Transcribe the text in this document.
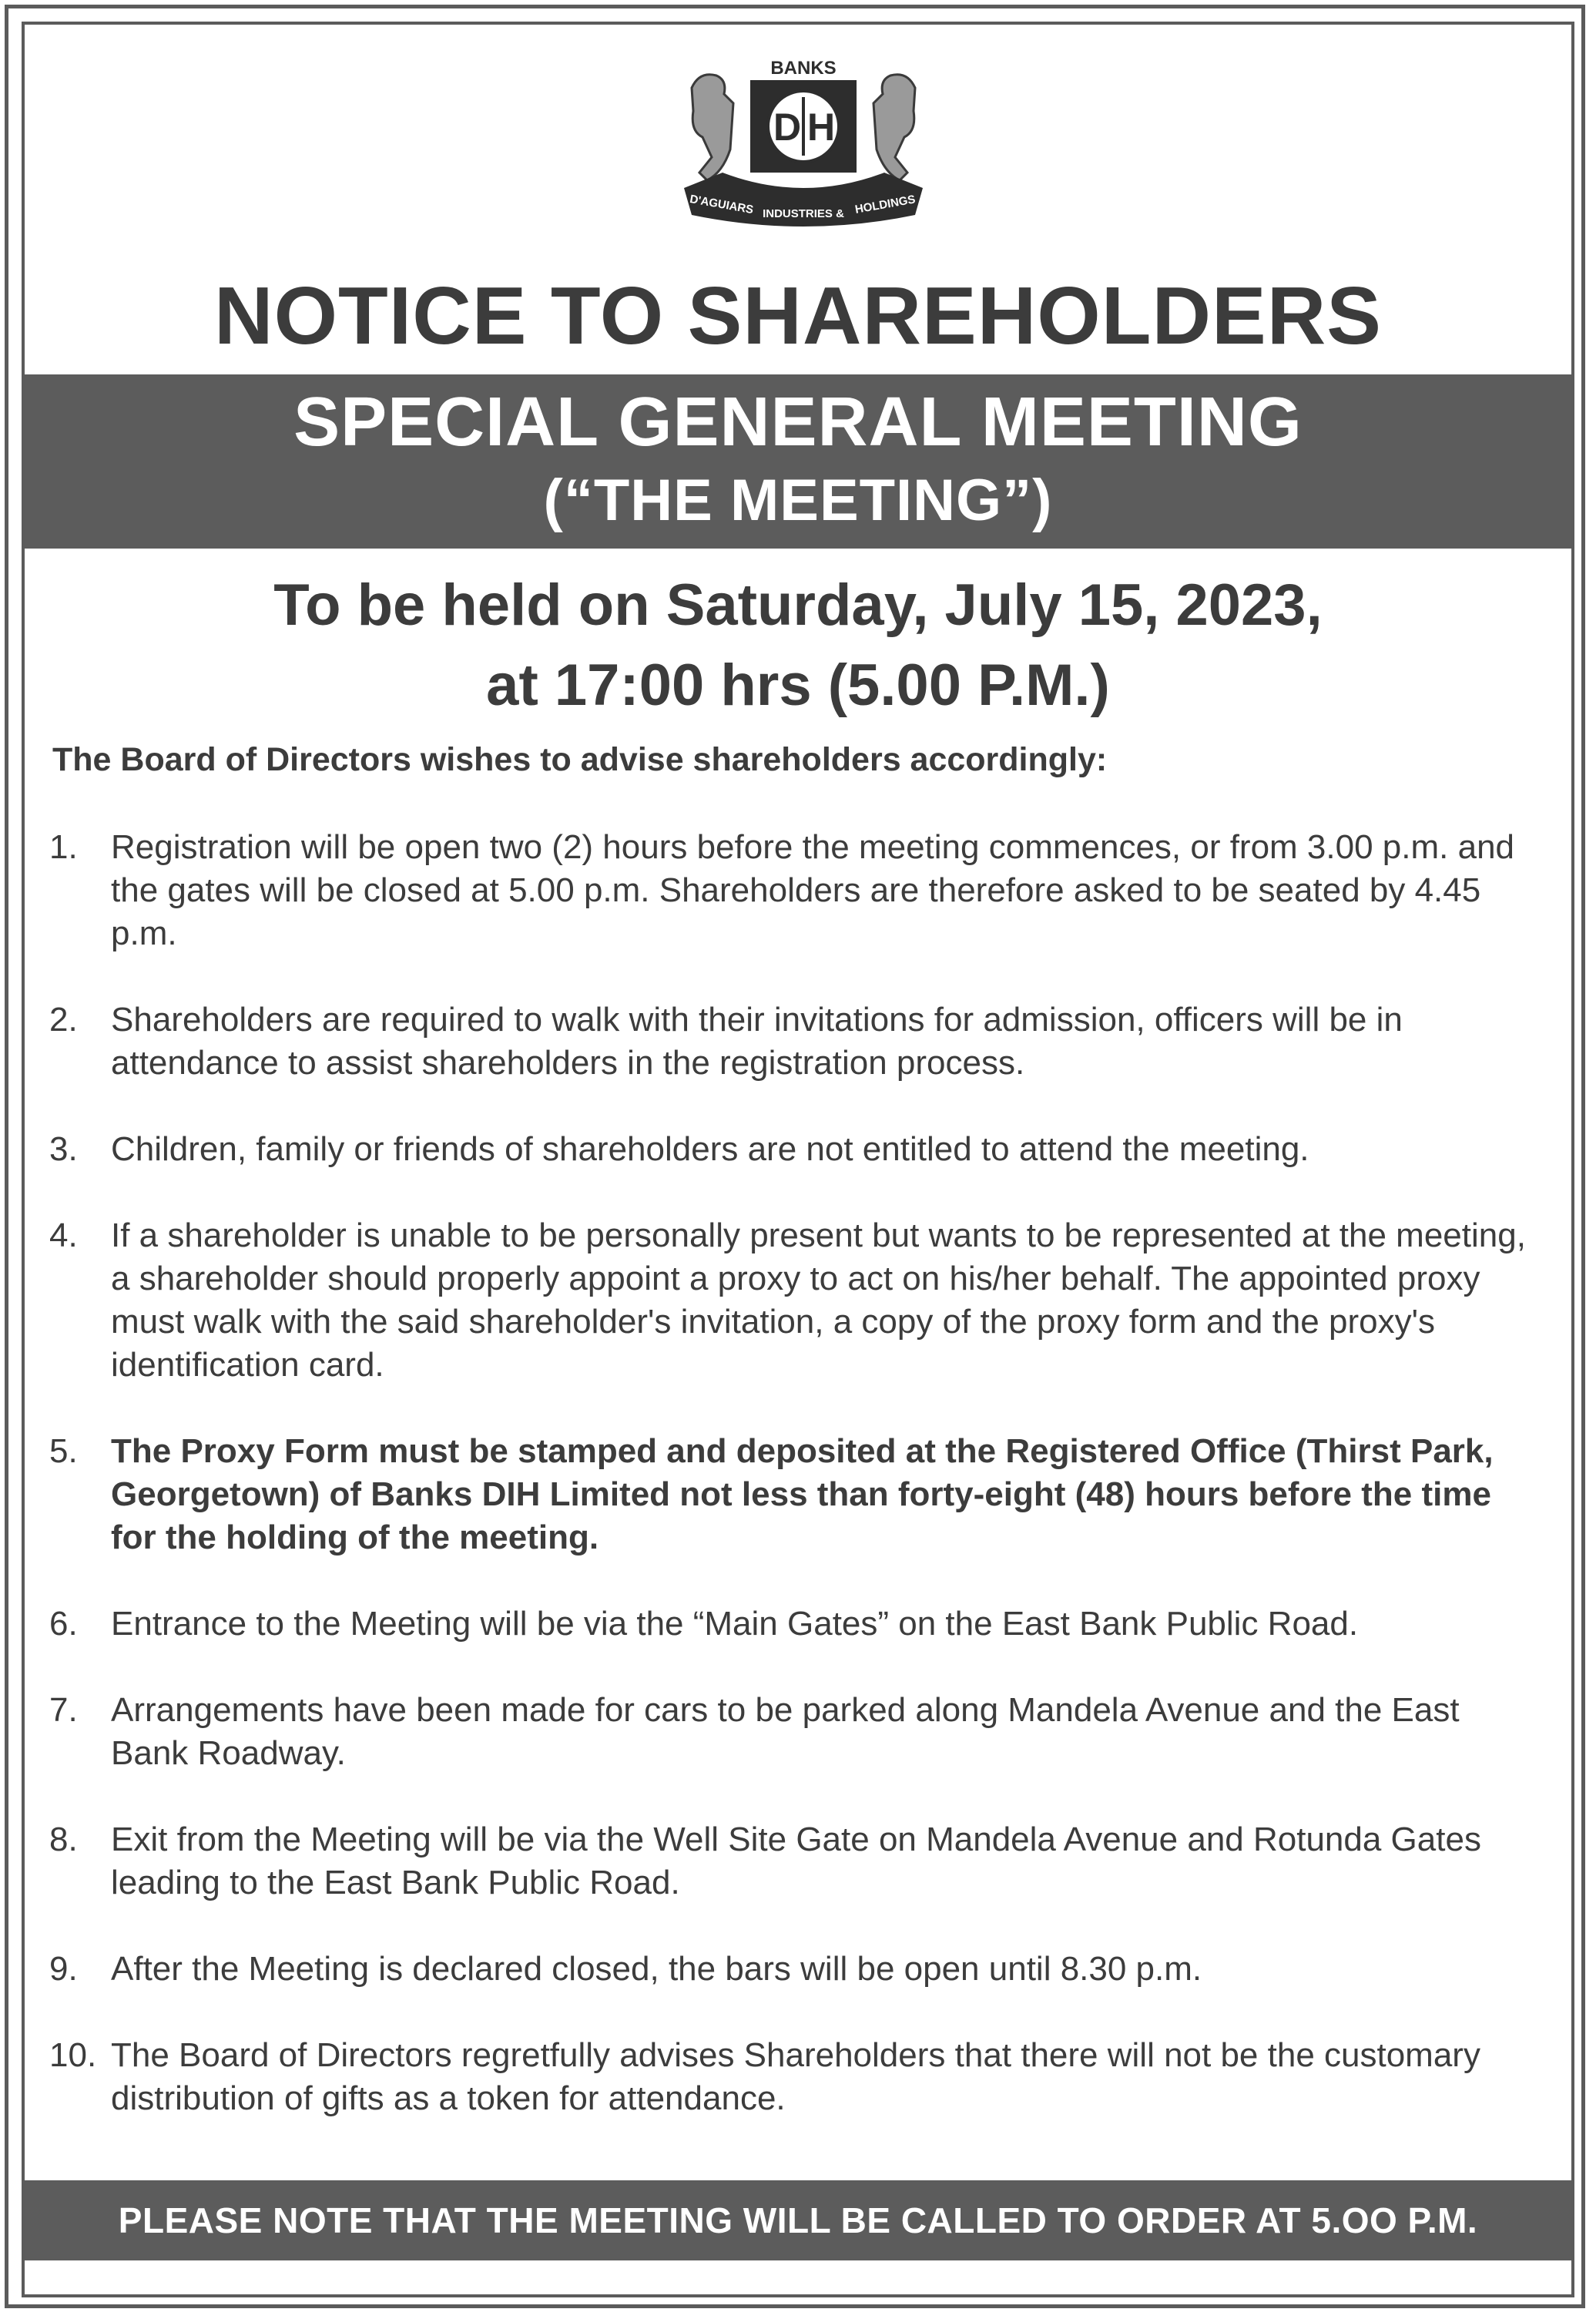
D H
BANKS
D'AGUIARS INDUSTRIES & HOLDINGS
NOTICE TO SHAREHOLDERS
SPECIAL GENERAL MEETING
(“THE MEETING”)
To be held on Saturday, July 15, 2023,
at 17:00 hrs (5.00 P.M.)
The Board of Directors wishes to advise shareholders accordingly:
1. Registration will be open two (2) hours before the meeting commences, or from 3.00 p.m. and the gates will be closed at 5.00 p.m. Shareholders are therefore asked to be seated by 4.45 p.m.
2. Shareholders are required to walk with their invitations for admission, officers will be in attendance to assist shareholders in the registration process.
3. Children, family or friends of shareholders are not entitled to attend the meeting.
4. If a shareholder is unable to be personally present but wants to be represented at the meeting, a shareholder should properly appoint a proxy to act on his/her behalf. The appointed proxy must walk with the said shareholder's invitation, a copy of the proxy form and the proxy's identification card.
5. The Proxy Form must be stamped and deposited at the Registered Office (Thirst Park, Georgetown) of Banks DIH Limited not less than forty-eight (48) hours before the time for the holding of the meeting.
6. Entrance to the Meeting will be via the “Main Gates” on the East Bank Public Road.
7. Arrangements have been made for cars to be parked along Mandela Avenue and the East Bank Roadway.
8. Exit from the Meeting will be via the Well Site Gate on Mandela Avenue and Rotunda Gates leading to the East Bank Public Road.
9. After the Meeting is declared closed, the bars will be open until 8.30 p.m.
10. The Board of Directors regretfully advises Shareholders that there will not be the customary distribution of gifts as a token for attendance.
PLEASE NOTE THAT THE MEETING WILL BE CALLED TO ORDER AT 5.OO P.M.
